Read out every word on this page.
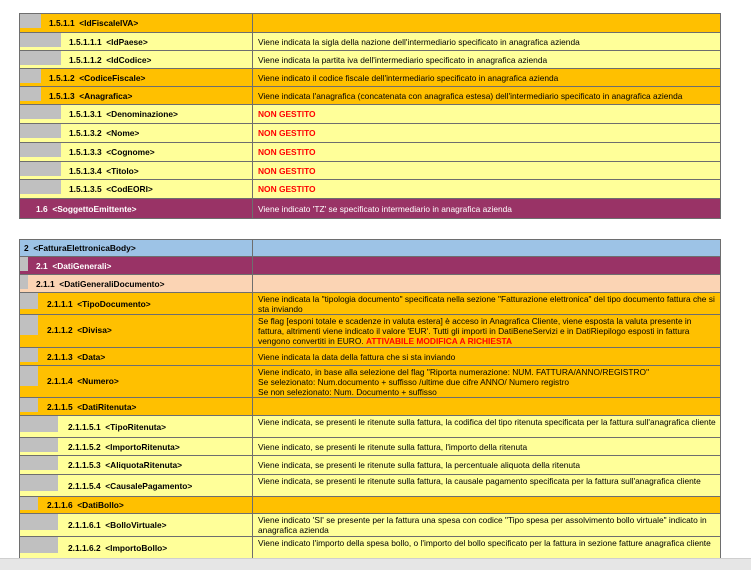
1.5.1.1 <IdFiscaleIVA>	

1.5.1.1.1 <IdPaese>	Viene indicata la sigla della nazione dell'intermediario specificato in anagrafica azienda

1.5.1.1.2 <IdCodice>	Viene indicata la partita iva dell'intermediario specificato in anagrafica azienda

1.5.1.2 <CodiceFiscale>	Viene indicato il codice fiscale dell'intermediario specificato in anagrafica azienda

1.5.1.3 <Anagrafica>	Viene indicata l'anagrafica (concatenata con anagrafica estesa) dell'intermediario specificato in anagrafica azienda

1.5.1.3.1 <Denominazione>	NON GESTITO

1.5.1.3.2 <Nome>	NON GESTITO

1.5.1.3.3 <Cognome>	NON GESTITO

1.5.1.3.4 <Titolo>	NON GESTITO

1.5.1.3.5 <CodEORI>	NON GESTITO

1.6 <SoggettoEmittente>	Viene indicato 'TZ' se specificato intermediario in anagrafica azienda
2 <FatturaElettronicaBody>	

2.1 <DatiGenerali>	

2.1.1 <DatiGeneraliDocumento>	

2.1.1.1 <TipoDocumento>	Viene indicata la "tipologia documento" specificata nella sezione "Fatturazione elettronica" del tipo documento fattura che si sta inviando

2.1.1.2 <Divisa>	Se flag [esponi totale e scadenze in valuta estera] è acceso in Anagrafica Cliente, viene esposta la valuta presente in fattura, altrimenti viene indicato il valore 'EUR'. Tutti gli importi in DatiBeneServizi e in DatiRiepilogo esposti in fattura vengono convertiti in EURO. ATTIVABILE MODIFICA A RICHIESTA

2.1.1.3 <Data>	Viene indicata la data della fattura che si sta inviando

2.1.1.4 <Numero>	Viene indicato, in base alla selezione del flag "Riporta numerazione: NUM. FATTURA/ANNO/REGISTRO"
Se selezionato: Num.documento + suffisso /ultime due cifre ANNO/ Numero registro
Se non selezionato: Num. Documento + suffisso

2.1.1.5 <DatiRitenuta>	

2.1.1.5.1 <TipoRitenuta>	Viene indicata, se presenti le ritenute sulla fattura, la codifica del tipo ritenuta specificata per la fattura sull'anagrafica cliente

2.1.1.5.2 <ImportoRitenuta>	Viene indicato, se presenti le ritenute sulla fattura, l'importo della ritenuta

2.1.1.5.3 <AliquotaRitenuta>	Viene indicata, se presenti le ritenute sulla fattura, la percentuale aliquota della ritenuta

2.1.1.5.4 <CausalePagamento>	Viene indicata, se presenti le ritenute sulla fattura, la causale pagamento specificata per la fattura sull'anagrafica cliente

2.1.1.6 <DatiBollo>	

2.1.1.6.1 <BolloVirtuale>	Viene indicato 'SI' se presente per la fattura una spesa con codice "Tipo spesa per assolvimento bollo virtuale" indicato in anagrafica azienda

2.1.1.6.2 <ImportoBollo>	Viene indicato l'importo della spesa bollo, o l'importo del bollo specificato per la fattura in sezione fatture anagrafica cliente
